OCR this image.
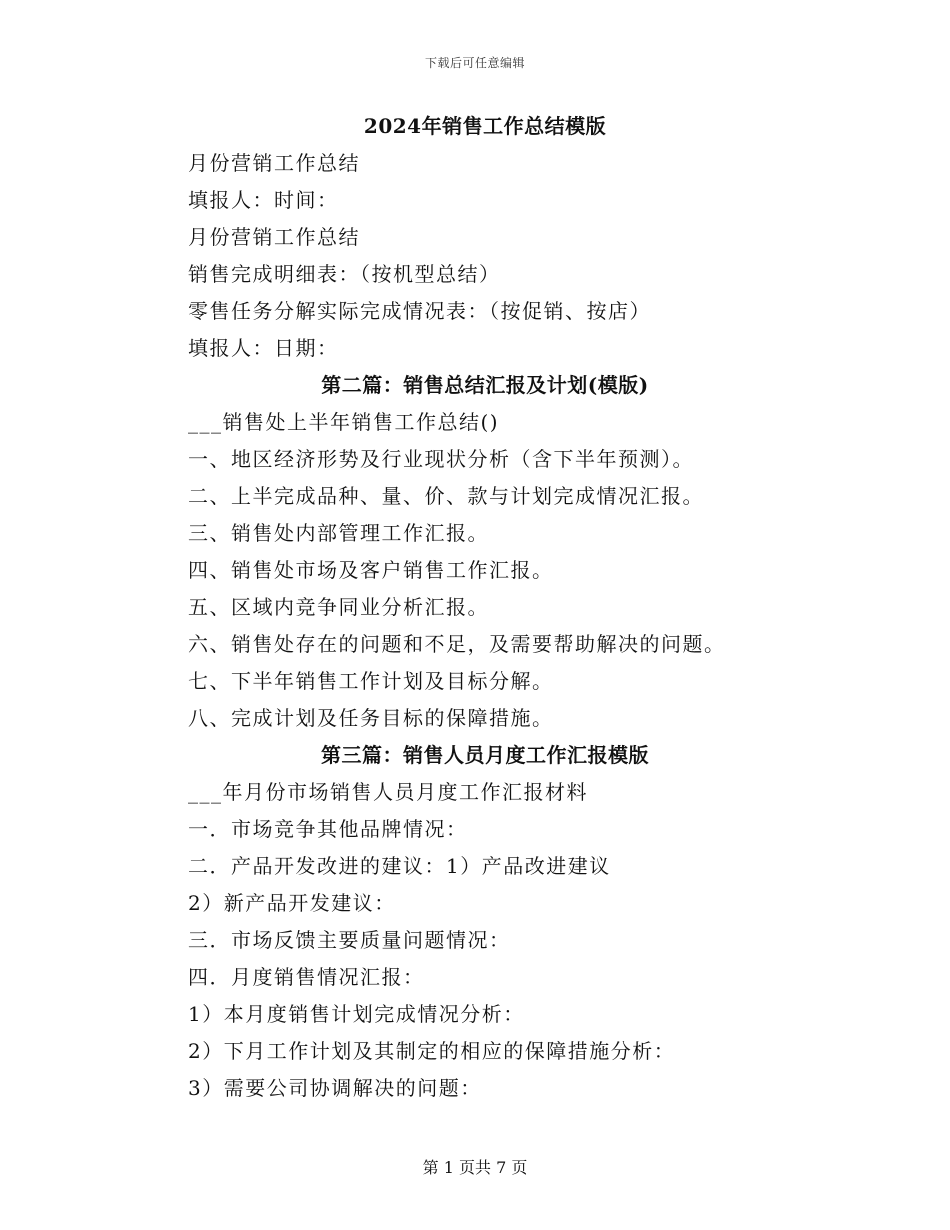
下载后可任意编辑
2024年销售工作总结模版
月份营销工作总结
填报人：时间：
月份营销工作总结
销售完成明细表：（按机型总结）
零售任务分解实际完成情况表：（按促销、按店）
填报人：日期：
第二篇：销售总结汇报及计划(模版)
___销售处上半年销售工作总结()
一、地区经济形势及行业现状分析（含下半年预测）。
二、上半完成品种、量、价、款与计划完成情况汇报。
三、销售处内部管理工作汇报。
四、销售处市场及客户销售工作汇报。
五、区域内竞争同业分析汇报。
六、销售处存在的问题和不足，及需要帮助解决的问题。
七、下半年销售工作计划及目标分解。
八、完成计划及任务目标的保障措施。
第三篇：销售人员月度工作汇报模版
___年月份市场销售人员月度工作汇报材料
一．市场竞争其他品牌情况：
二．产品开发改进的建议：1）产品改进建议
2）新产品开发建议：
三．市场反馈主要质量问题情况：
四．月度销售情况汇报：
1）本月度销售计划完成情况分析：
2）下月工作计划及其制定的相应的保障措施分析：
3）需要公司协调解决的问题：
第 1 页共 7 页
